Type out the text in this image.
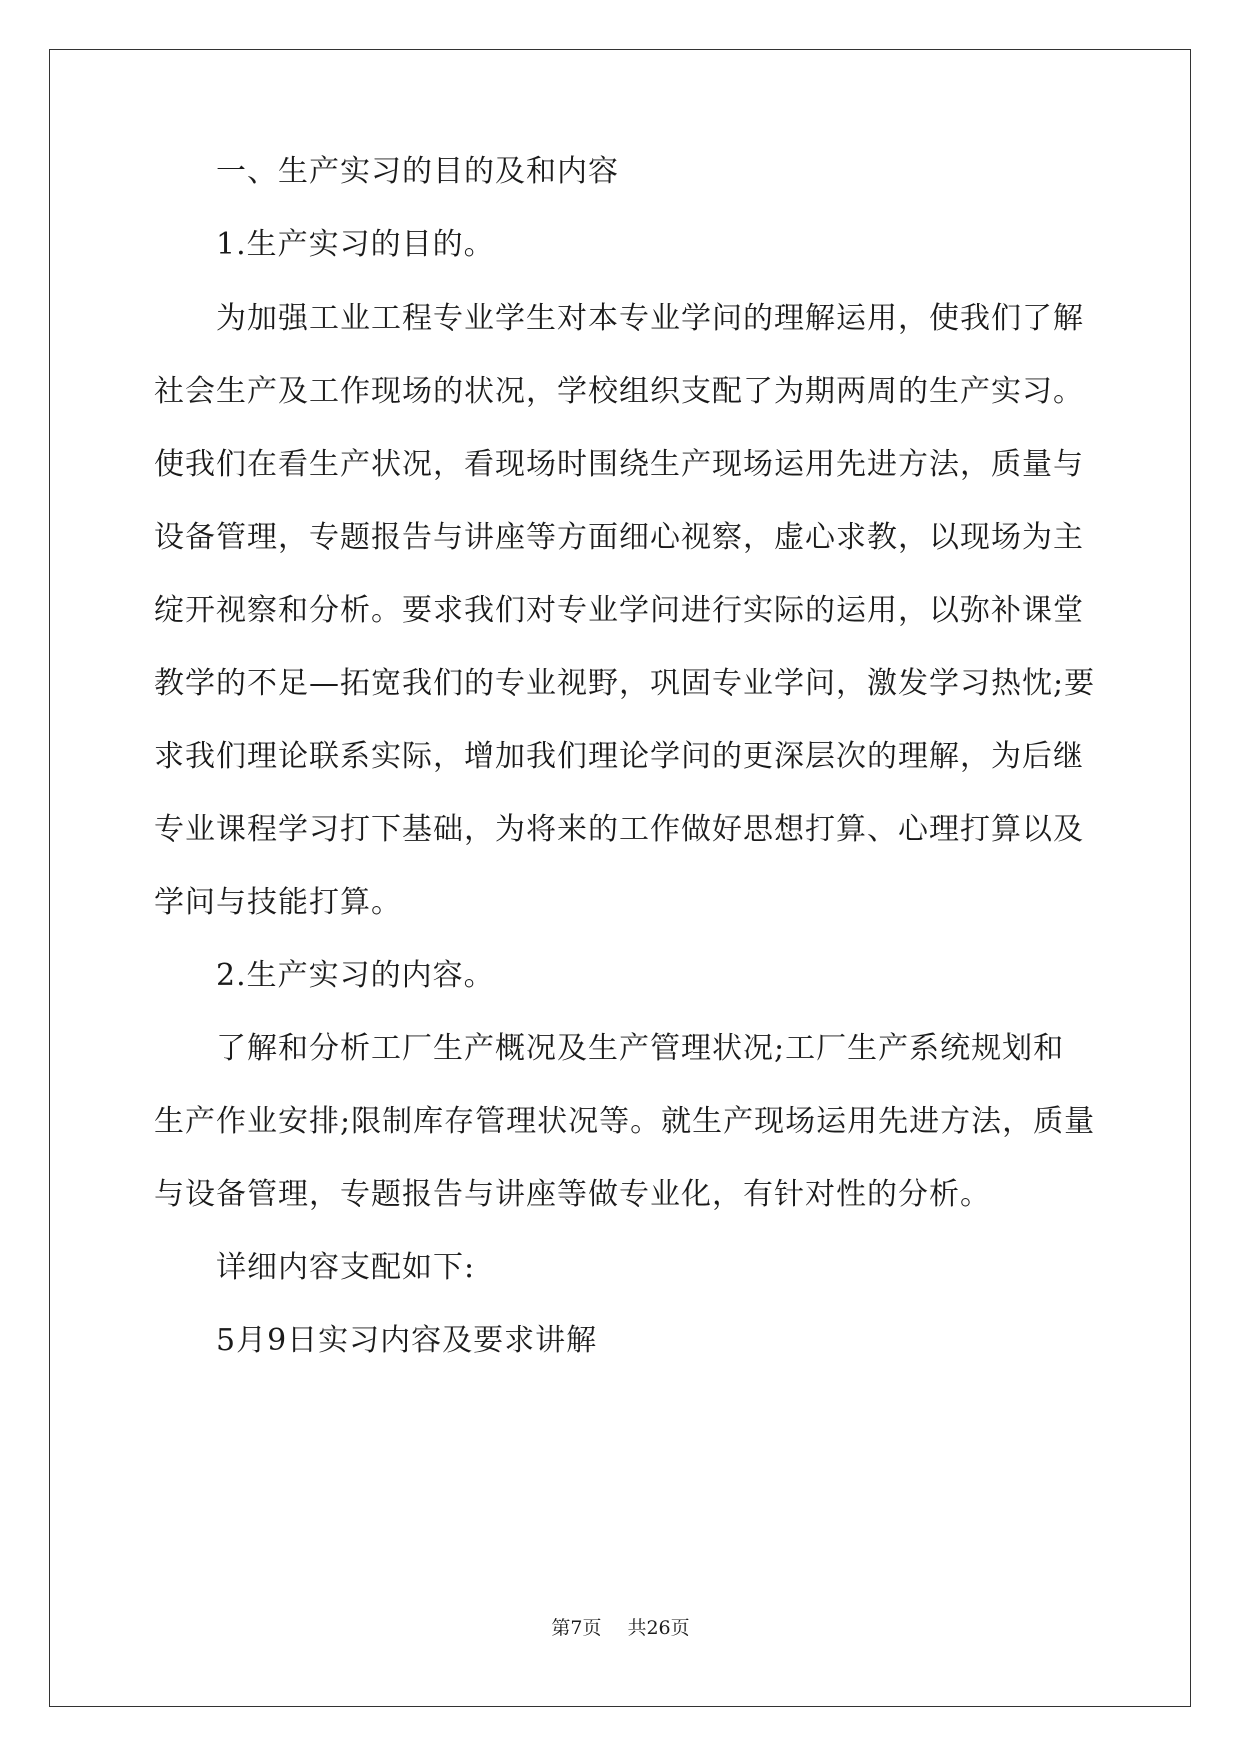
　　一、生产实习的目的及和内容
　　1.生产实习的目的。
　　为加强工业工程专业学生对本专业学问的理解运用，使我们了解
社会生产及工作现场的状况，学校组织支配了为期两周的生产实习。
使我们在看生产状况，看现场时围绕生产现场运用先进方法，质量与
设备管理，专题报告与讲座等方面细心视察，虚心求教，以现场为主
绽开视察和分析。要求我们对专业学问进行实际的运用，以弥补课堂
教学的不足—拓宽我们的专业视野，巩固专业学问，激发学习热忱;要
求我们理论联系实际，增加我们理论学问的更深层次的理解，为后继
专业课程学习打下基础，为将来的工作做好思想打算、心理打算以及
学问与技能打算。
　　2.生产实习的内容。
　　了解和分析工厂生产概况及生产管理状况;工厂生产系统规划和
生产作业安排;限制库存管理状况等。就生产现场运用先进方法，质量
与设备管理，专题报告与讲座等做专业化，有针对性的分析。
　　详细内容支配如下:
　　5月9日实习内容及要求讲解
第7页 共26页
